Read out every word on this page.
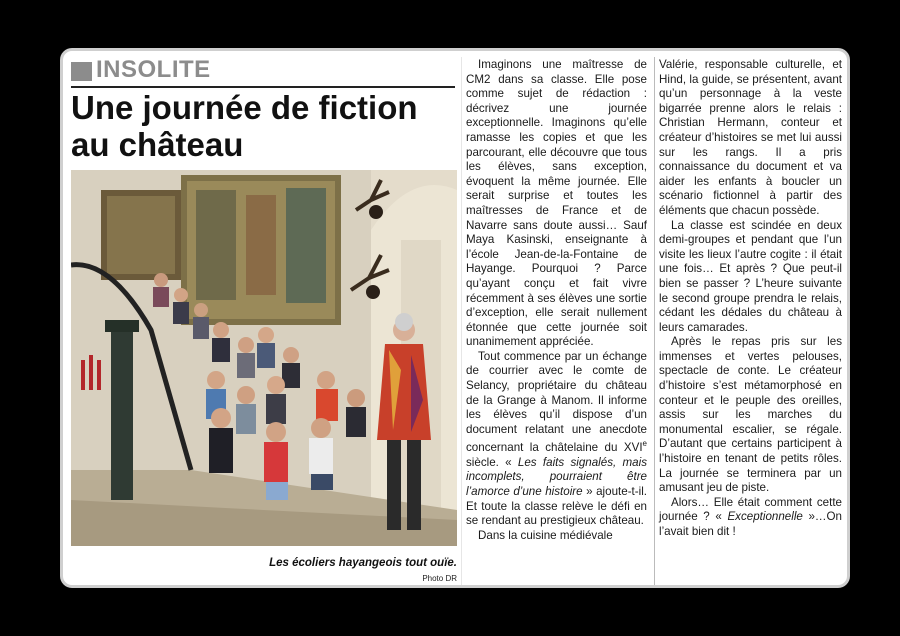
INSOLITE
Une journée de fiction au château
Les écoliers hayangeois tout ouïe.
Photo DR

Imaginons une maîtresse de CM2 dans sa classe. Elle pose comme sujet de rédaction : décrivez une journée exceptionnelle. Imaginons qu’elle ramasse les copies et que les parcourant, elle découvre que tous les élèves, sans exception, évoquent la même journée. Elle serait surprise et toutes les maîtresses de France et de Navarre sans doute aussi… Sauf Maya Kasinski, enseignante à l’école Jean-de-la-Fontaine de Hayange. Pourquoi ? Parce qu’ayant conçu et fait vivre récemment à ses élèves une sortie d’exception, elle serait nullement étonnée que cette journée soit unanimement appréciée.

Tout commence par un échange de courrier avec le comte de Selancy, propriétaire du château de la Grange à Manom. Il informe les élèves qu’il dispose d’un document relatant une anecdote concernant la châtelaine du XVIe siècle. « Les faits signalés, mais incomplets, pourraient être l’amorce d’une histoire » ajoute-t-il. Et toute la classe relève le défi en se rendant au prestigieux château.

Dans la cuisine médiévale

Valérie, responsable culturelle, et Hind, la guide, se présentent, avant qu’un personnage à la veste bigarrée prenne alors le relais : Christian Hermann, conteur et créateur d’histoires se met lui aussi sur les rangs. Il a pris connaissance du document et va aider les enfants à boucler un scénario fictionnel à partir des éléments que chacun possède.

La classe est scindée en deux demi-groupes et pendant que l’un visite les lieux l’autre cogite : il était une fois… Et après ? Que peut-il bien se passer ? L’heure suivante le second groupe prendra le relais, cédant les dédales du château à leurs camarades.

Après le repas pris sur les immenses et vertes pelouses, spectacle de conte. Le créateur d’histoire s’est métamorphosé en conteur et le peuple des oreilles, assis sur les marches du monumental escalier, se régale. D’autant que certains participent à l’histoire en tenant de petits rôles. La journée se terminera par un amusant jeu de piste.

Alors… Elle était comment cette journée ? « Exceptionnelle »…On l’avait bien dit !
